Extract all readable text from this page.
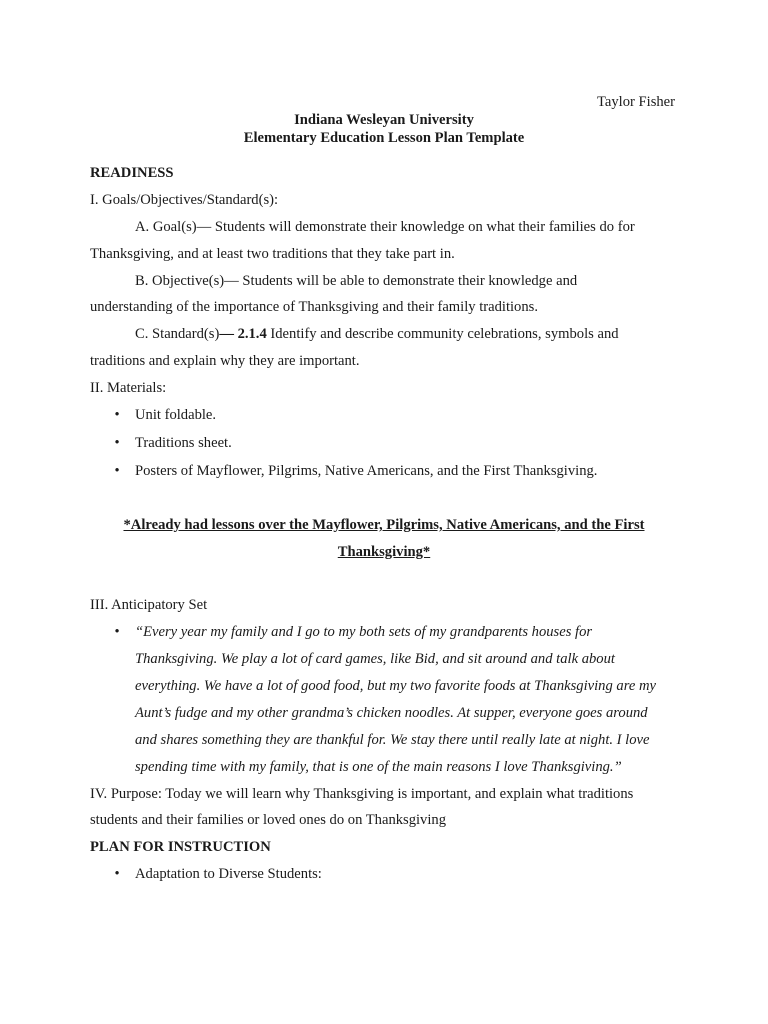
Taylor Fisher
Indiana Wesleyan University
Elementary Education Lesson Plan Template
READINESS
I. Goals/Objectives/Standard(s):
A. Goal(s)— Students will demonstrate their knowledge on what their families do for
Thanksgiving, and at least two traditions that they take part in.
B. Objective(s)— Students will be able to demonstrate their knowledge and
understanding of the importance of Thanksgiving and their family traditions.
C. Standard(s)— 2.1.4 Identify and describe community celebrations, symbols and
traditions and explain why they are important.
II. Materials:
• Unit foldable.
• Traditions sheet.
• Posters of Mayflower, Pilgrims, Native Americans, and the First Thanksgiving.
*Already had lessons over the Mayflower, Pilgrims, Native Americans, and the First
Thanksgiving*
III. Anticipatory Set
• “Every year my family and I go to my both sets of my grandparents houses for
Thanksgiving. We play a lot of card games, like Bid, and sit around and talk about
everything. We have a lot of good food, but my two favorite foods at Thanksgiving are my
Aunt’s fudge and my other grandma’s chicken noodles. At supper, everyone goes around
and shares something they are thankful for. We stay there until really late at night. I love
spending time with my family, that is one of the main reasons I love Thanksgiving.”
IV. Purpose: Today we will learn why Thanksgiving is important, and explain what traditions
students and their families or loved ones do on Thanksgiving
PLAN FOR INSTRUCTION
• Adaptation to Diverse Students:
